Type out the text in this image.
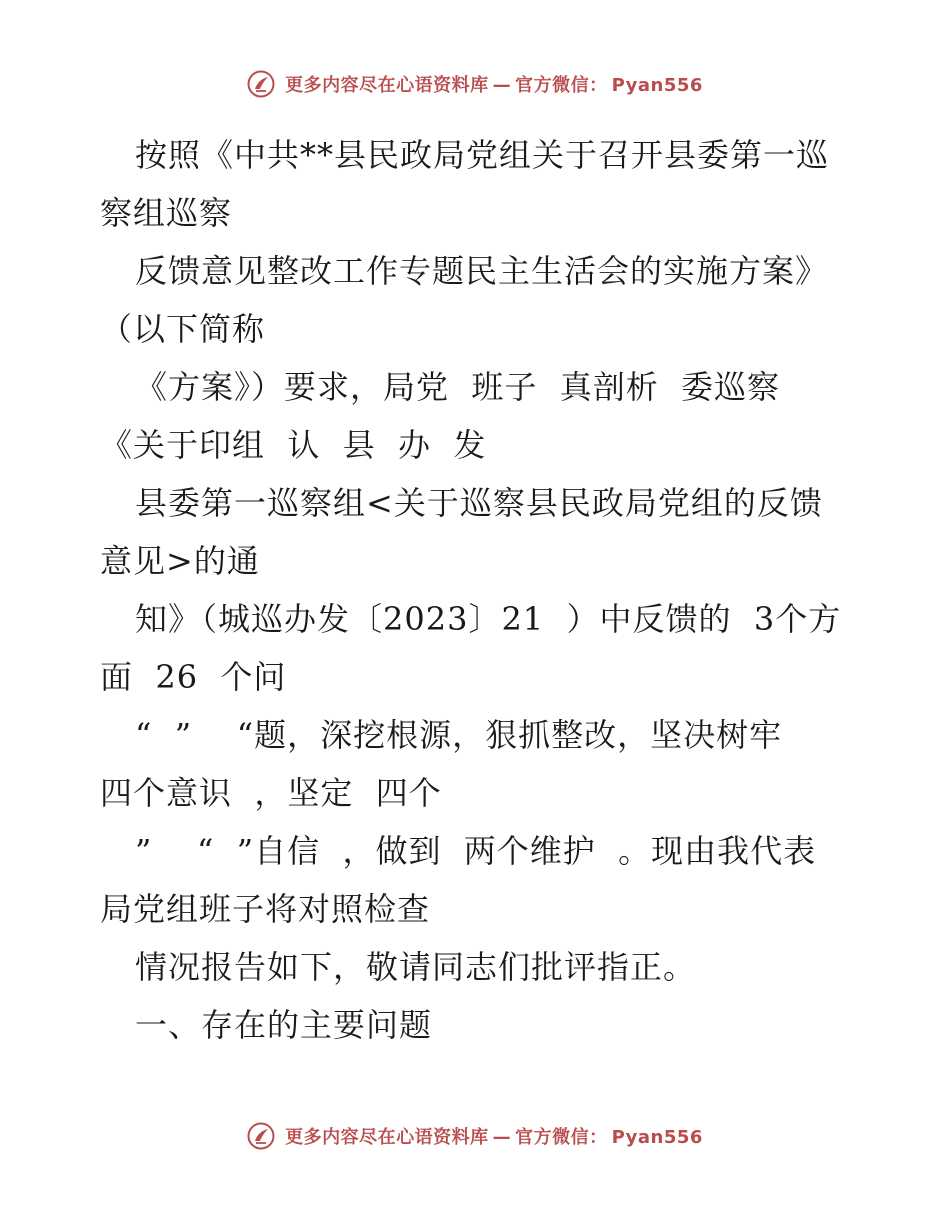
更多内容尽在心语资料库 — 官方微信： Pyan556
按照《中共**县民政局党组关于召开县委第一巡
察组巡察
反馈意见整改工作专题民主生活会的实施方案》
（以下简称
《方案》）要求，局党  班子  真剖析  委巡察
《关于印组  认  县  办  发
县委第一巡察组<关于巡察县民政局党组的反馈
意见>的通
知》（城巡办发〔2023〕21  ）中反馈的  3个方
面  26  个问
“  ”    “题，深挖根源，狠抓整改，坚决树牢
四个意识  ，坚定  四个
”    “  ”自信  ，做到  两个维护  。现由我代表
局党组班子将对照检查
情况报告如下，敬请同志们批评指正。
一、存在的主要问题
更多内容尽在心语资料库 — 官方微信： Pyan556
